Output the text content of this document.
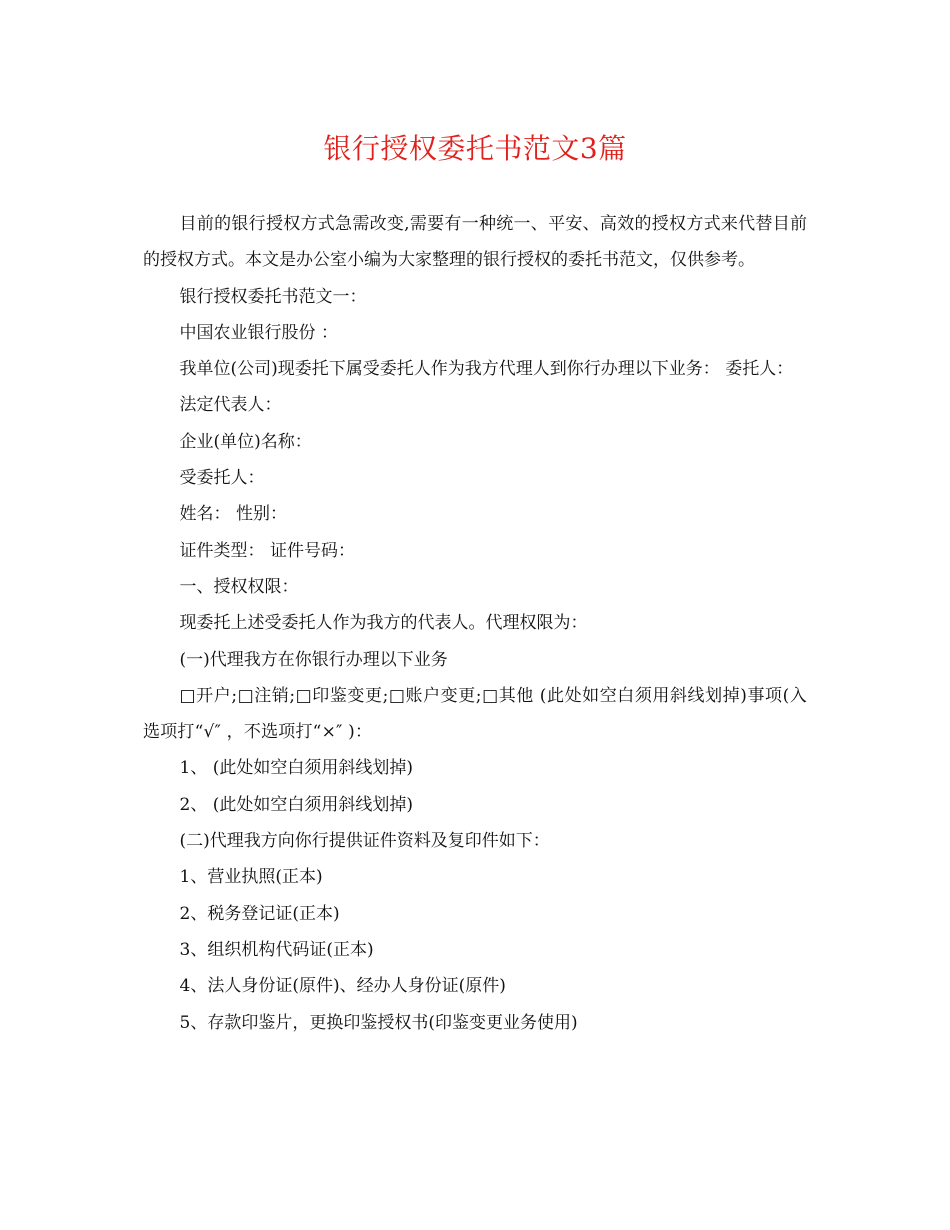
银行授权委托书范文3篇

目前的银行授权方式急需改变,需要有一种统一、平安、高效的授权方式来代替目前的授权方式。本文是办公室小编为大家整理的银行授权的委托书范文，仅供参考。

银行授权委托书范文一：

中国农业银行股份 ：

我单位(公司)现委托下属受委托人作为我方代理人到你行办理以下业务： 委托人：

法定代表人：

企业(单位)名称：

受委托人：

姓名： 性别：

证件类型： 证件号码：

一、授权权限：

现委托上述受委托人作为我方的代表人。代理权限为：

(一)代理我方在你银行办理以下业务

□开户;□注销;□印鉴变更;□账户变更;□其他 (此处如空白须用斜线划掉)事项(入选项打“√″ ，不选项打“×″ )：

1、 (此处如空白须用斜线划掉)

2、 (此处如空白须用斜线划掉)

(二)代理我方向你行提供证件资料及复印件如下：

1、营业执照(正本)

2、税务登记证(正本)

3、组织机构代码证(正本)

4、法人身份证(原件)、经办人身份证(原件)

5、存款印鉴片，更换印鉴授权书(印鉴变更业务使用)
